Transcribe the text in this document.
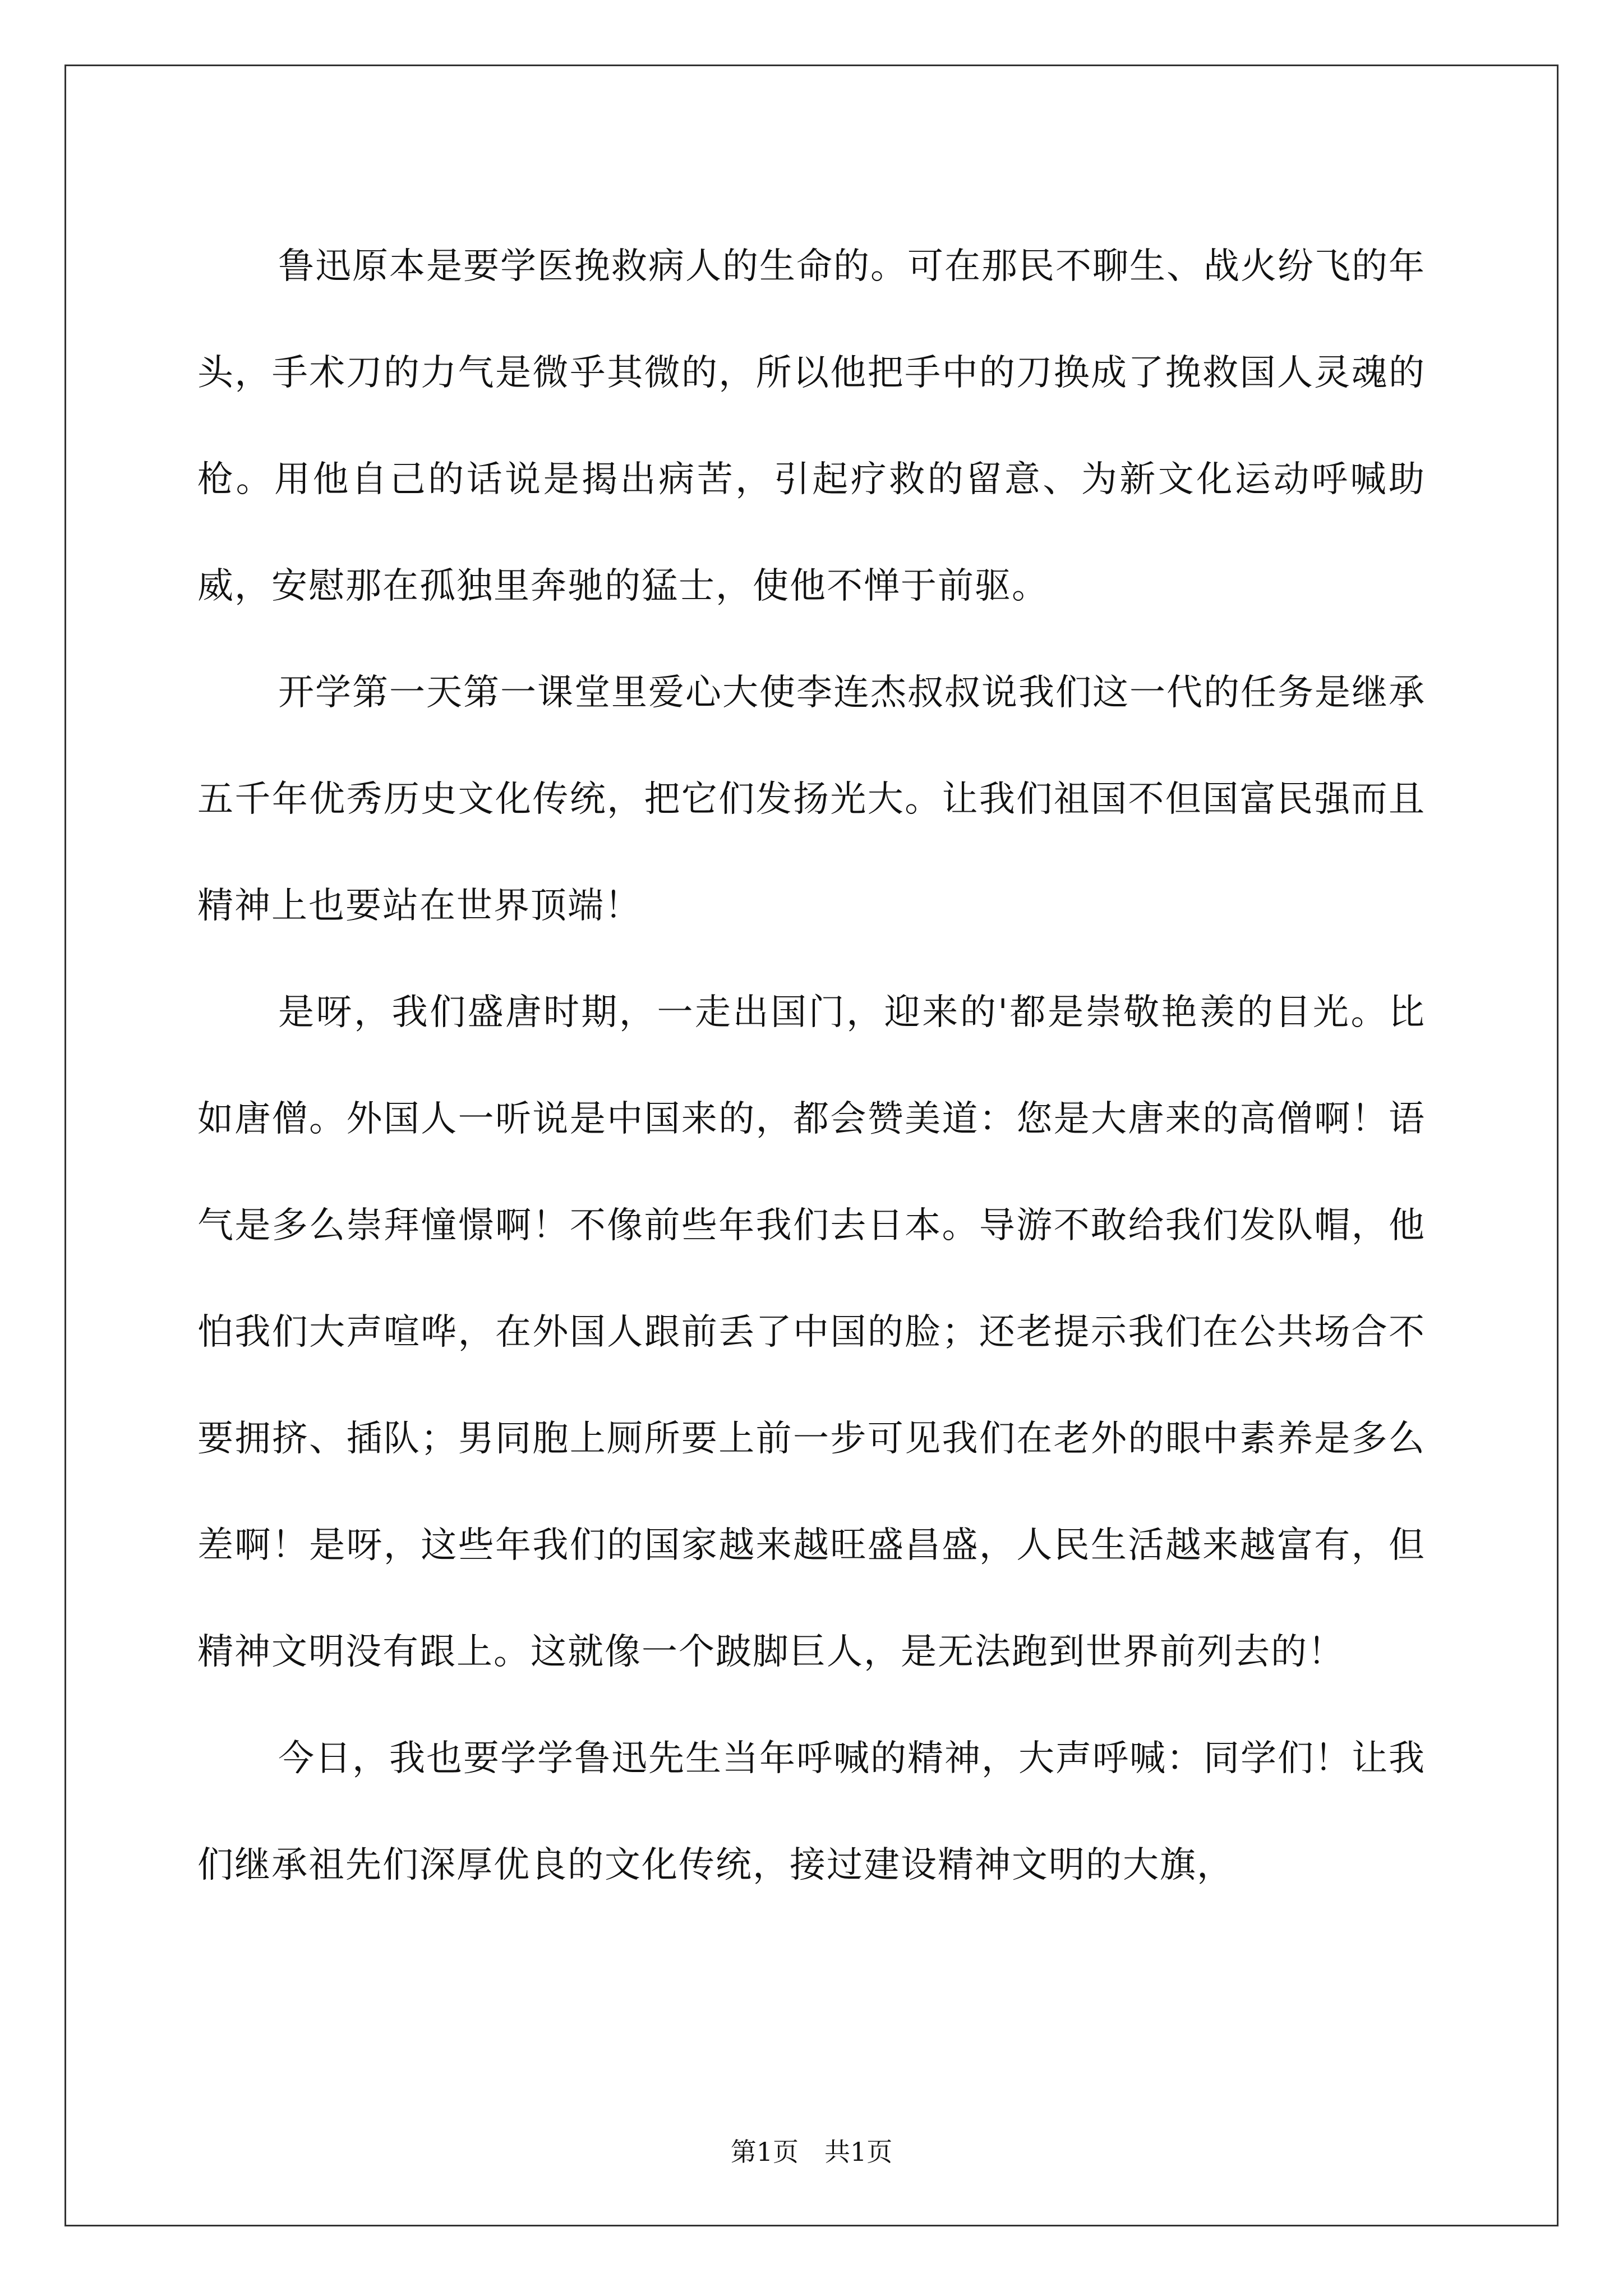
鲁迅原本是要学医挽救病人的生命的。可在那民不聊生、战火纷飞的年头，手术刀的力气是微乎其微的，所以他把手中的刀换成了挽救国人灵魂的枪。用他自己的话说是揭出病苦，引起疗救的留意、为新文化运动呼喊助威，安慰那在孤独里奔驰的猛士，使他不惮于前驱。

开学第一天第一课堂里爱心大使李连杰叔叔说我们这一代的任务是继承五千年优秀历史文化传统，把它们发扬光大。让我们祖国不但国富民强而且精神上也要站在世界顶端！

是呀，我们盛唐时期，一走出国门，迎来的'都是崇敬艳羡的目光。比如唐僧。外国人一听说是中国来的，都会赞美道：您是大唐来的高僧啊！语气是多么崇拜憧憬啊！不像前些年我们去日本。导游不敢给我们发队帽，他怕我们大声喧哗，在外国人跟前丢了中国的脸；还老提示我们在公共场合不要拥挤、插队；男同胞上厕所要上前一步可见我们在老外的眼中素养是多么差啊！是呀，这些年我们的国家越来越旺盛昌盛，人民生活越来越富有，但精神文明没有跟上。这就像一个跛脚巨人，是无法跑到世界前列去的！

今日，我也要学学鲁迅先生当年呼喊的精神，大声呼喊：同学们！让我们继承祖先们深厚优良的文化传统，接过建设精神文明的大旗，

第1页　共1页
